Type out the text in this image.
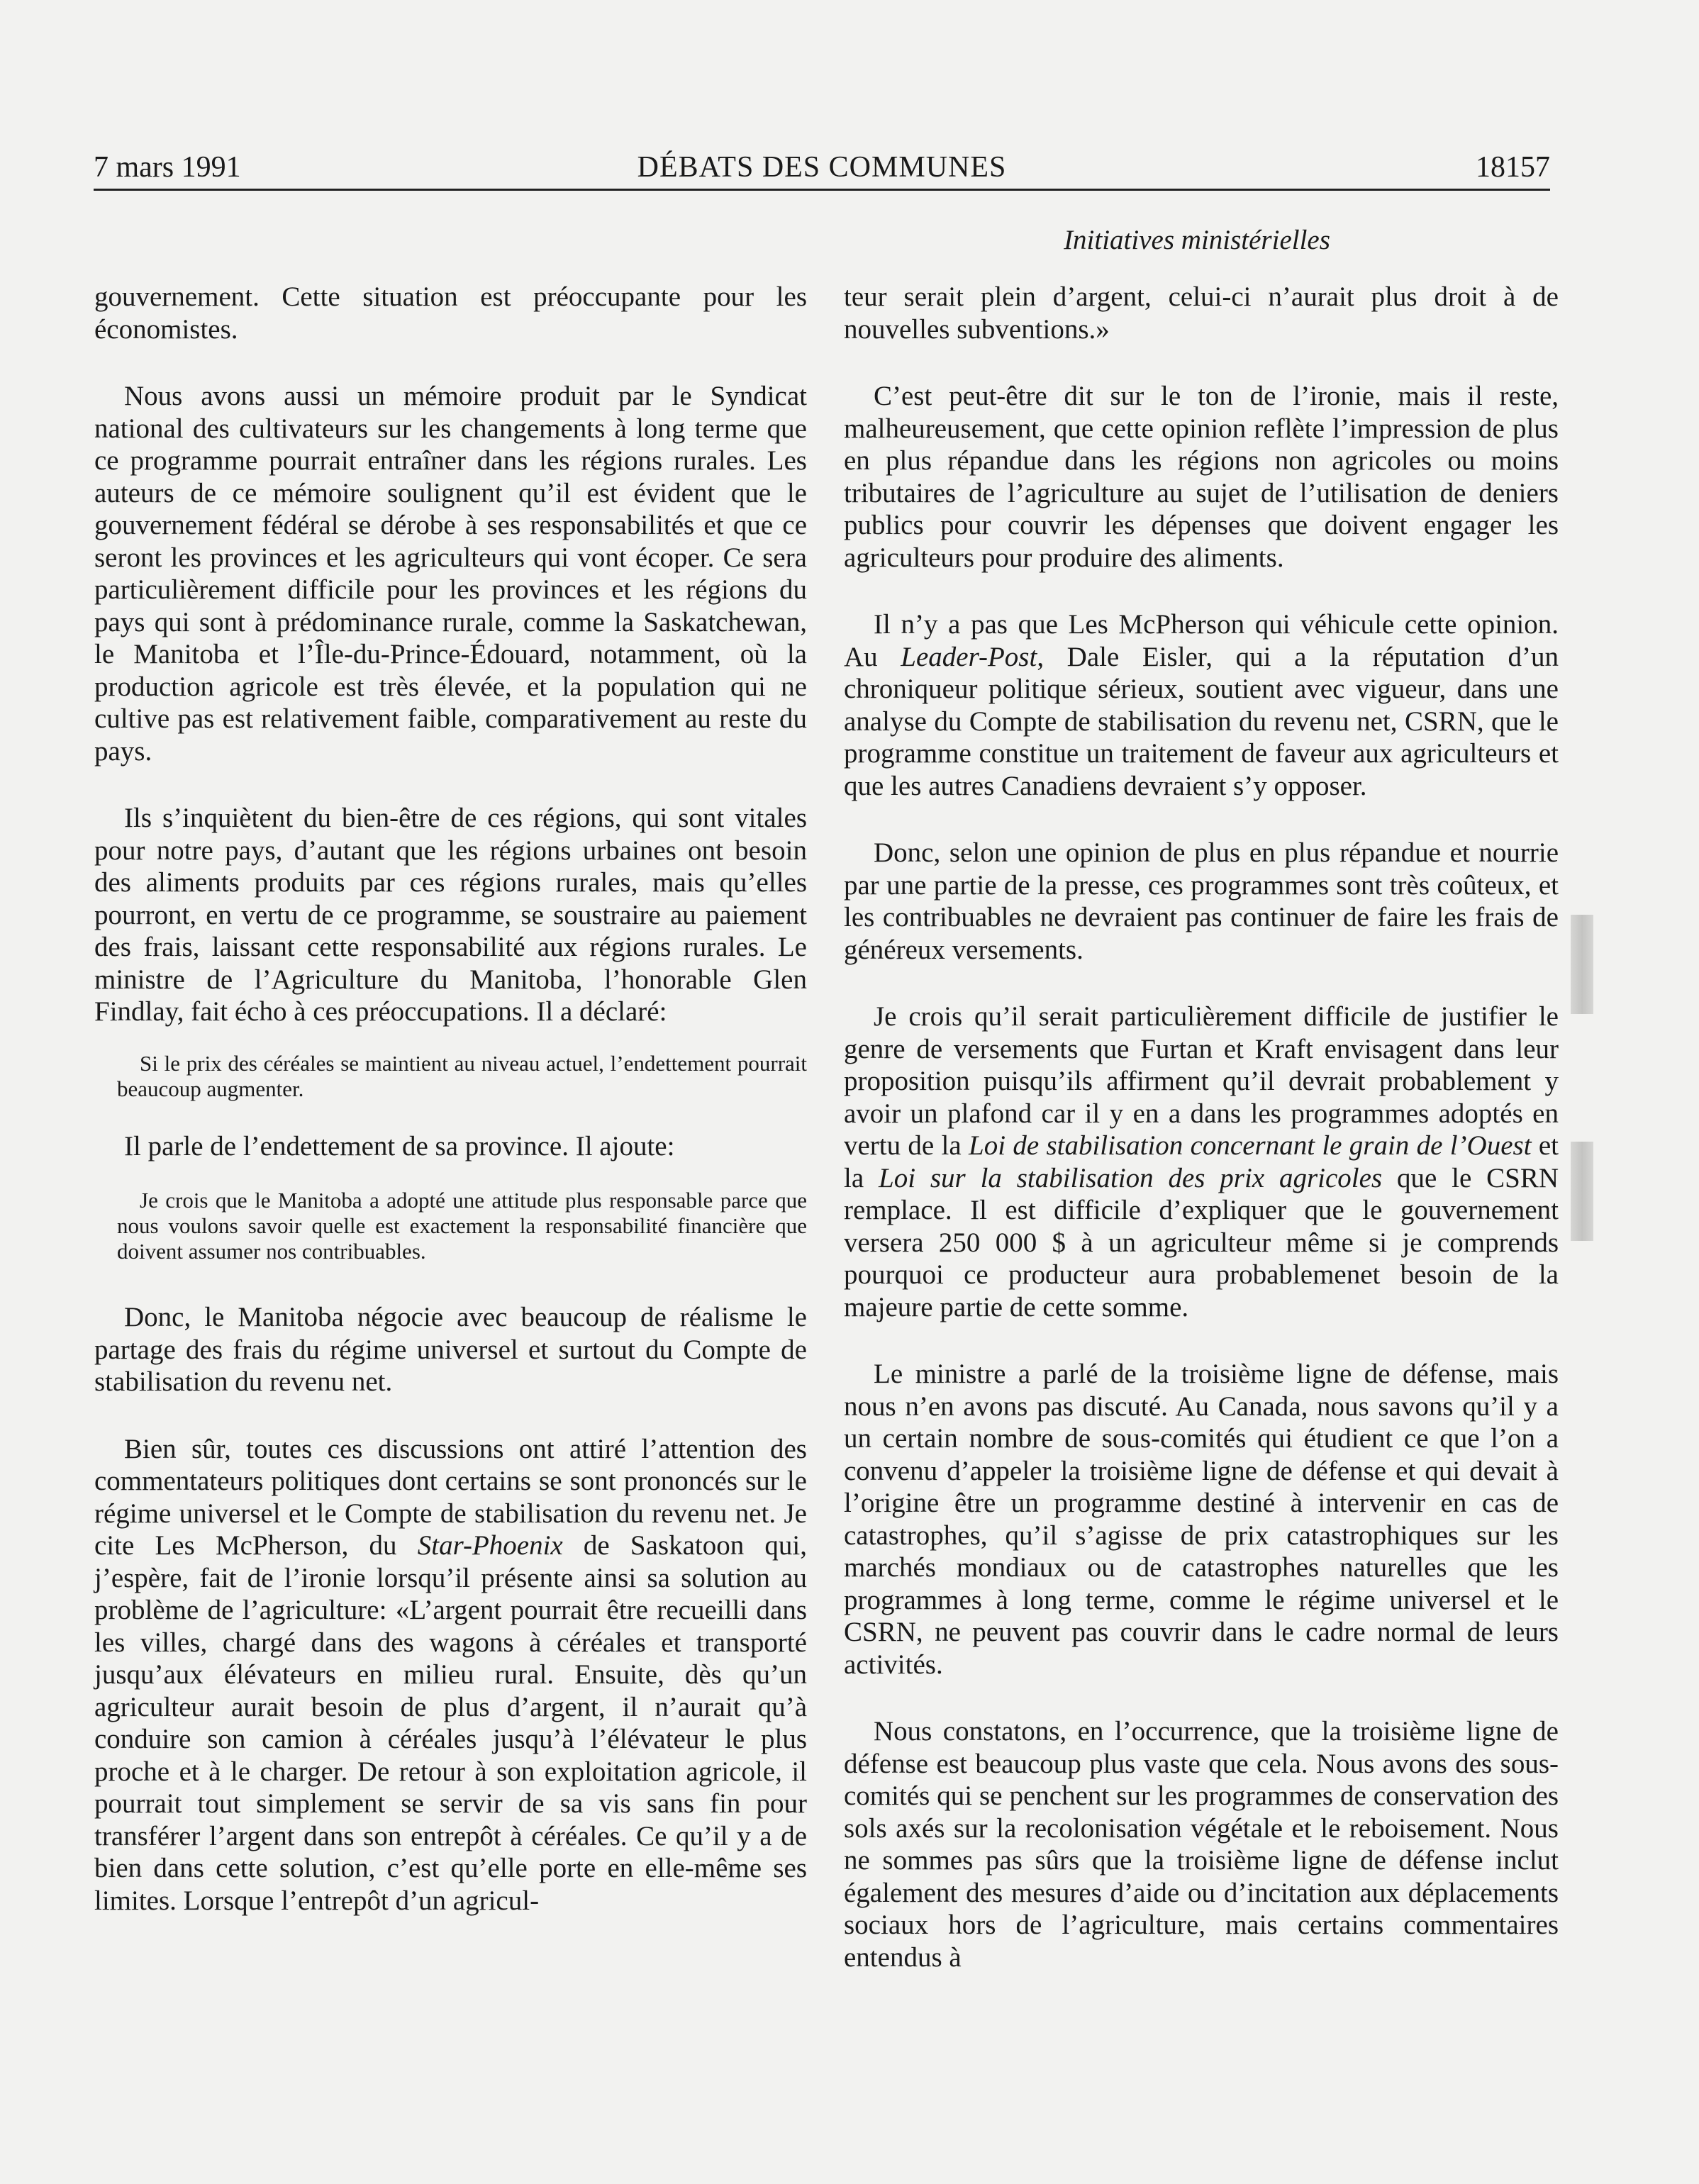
7 mars 1991	DÉBATS DES COMMUNES	18157
Initiatives ministérielles

gouvernement. Cette situation est préoccupante pour les économistes.

Nous avons aussi un mémoire produit par le Syndicat national des cultivateurs sur les changements à long terme que ce programme pourrait entraîner dans les régions rurales. Les auteurs de ce mémoire soulignent qu’il est évident que le gouvernement fédéral se dérobe à ses responsabilités et que ce seront les provinces et les agriculteurs qui vont écoper. Ce sera particulièrement difficile pour les provinces et les régions du pays qui sont à prédominance rurale, comme la Saskatchewan, le Manitoba et l’Île-du-Prince-Édouard, notamment, où la production agricole est très élevée, et la population qui ne cultive pas est relativement faible, comparativement au reste du pays.

Ils s’inquiètent du bien-être de ces régions, qui sont vitales pour notre pays, d’autant que les régions urbaines ont besoin des aliments produits par ces régions rurales, mais qu’elles pourront, en vertu de ce programme, se soustraire au paiement des frais, laissant cette responsabilité aux régions rurales. Le ministre de l’Agriculture du Manitoba, l’honorable Glen Findlay, fait écho à ces préoccupations. Il a déclaré:

Si le prix des céréales se maintient au niveau actuel, l’endettement pourrait beaucoup augmenter.

Il parle de l’endettement de sa province. Il ajoute:

Je crois que le Manitoba a adopté une attitude plus responsable parce que nous voulons savoir quelle est exactement la responsabilité financière que doivent assumer nos contribuables.

Donc, le Manitoba négocie avec beaucoup de réalisme le partage des frais du régime universel et surtout du Compte de stabilisation du revenu net.

Bien sûr, toutes ces discussions ont attiré l’attention des commentateurs politiques dont certains se sont prononcés sur le régime universel et le Compte de stabilisation du revenu net. Je cite Les McPherson, du Star-Phoenix de Saskatoon qui, j’espère, fait de l’ironie lorsqu’il présente ainsi sa solution au problème de l’agriculture: «L’argent pourrait être recueilli dans les villes, chargé dans des wagons à céréales et transporté jusqu’aux élévateurs en milieu rural. Ensuite, dès qu’un agriculteur aurait besoin de plus d’argent, il n’aurait qu’à conduire son camion à céréales jusqu’à l’élévateur le plus proche et à le charger. De retour à son exploitation agricole, il pourrait tout simplement se servir de sa vis sans fin pour transférer l’argent dans son entrepôt à céréales. Ce qu’il y a de bien dans cette solution, c’est qu’elle porte en elle-même ses limites. Lorsque l’entrepôt d’un agricul-

teur serait plein d’argent, celui-ci n’aurait plus droit à de nouvelles subventions.»

C’est peut-être dit sur le ton de l’ironie, mais il reste, malheureusement, que cette opinion reflète l’impression de plus en plus répandue dans les régions non agricoles ou moins tributaires de l’agriculture au sujet de l’utilisation de deniers publics pour couvrir les dépenses que doivent engager les agriculteurs pour produire des aliments.

Il n’y a pas que Les McPherson qui véhicule cette opinion. Au Leader-Post, Dale Eisler, qui a la réputation d’un chroniqueur politique sérieux, soutient avec vigueur, dans une analyse du Compte de stabilisation du revenu net, CSRN, que le programme constitue un traitement de faveur aux agriculteurs et que les autres Canadiens devraient s’y opposer.

Donc, selon une opinion de plus en plus répandue et nourrie par une partie de la presse, ces programmes sont très coûteux, et les contribuables ne devraient pas continuer de faire les frais de généreux versements.

Je crois qu’il serait particulièrement difficile de justifier le genre de versements que Furtan et Kraft envisagent dans leur proposition puisqu’ils affirment qu’il devrait probablement y avoir un plafond car il y en a dans les programmes adoptés en vertu de la Loi de stabilisation concernant le grain de l’Ouest et la Loi sur la stabilisation des prix agricoles que le CSRN remplace. Il est difficile d’expliquer que le gouvernement versera 250 000 $ à un agriculteur même si je comprends pourquoi ce producteur aura probablemenet besoin de la majeure partie de cette somme.

Le ministre a parlé de la troisième ligne de défense, mais nous n’en avons pas discuté. Au Canada, nous savons qu’il y a un certain nombre de sous-comités qui étudient ce que l’on a convenu d’appeler la troisième ligne de défense et qui devait à l’origine être un programme destiné à intervenir en cas de catastrophes, qu’il s’agisse de prix catastrophiques sur les marchés mondiaux ou de catastrophes naturelles que les programmes à long terme, comme le régime universel et le CSRN, ne peuvent pas couvrir dans le cadre normal de leurs activités.

Nous constatons, en l’occurrence, que la troisième ligne de défense est beaucoup plus vaste que cela. Nous avons des sous-comités qui se penchent sur les programmes de conservation des sols axés sur la recolonisation végétale et le reboisement. Nous ne sommes pas sûrs que la troisième ligne de défense inclut également des mesures d’aide ou d’incitation aux déplacements sociaux hors de l’agriculture, mais certains commentaires entendus à
